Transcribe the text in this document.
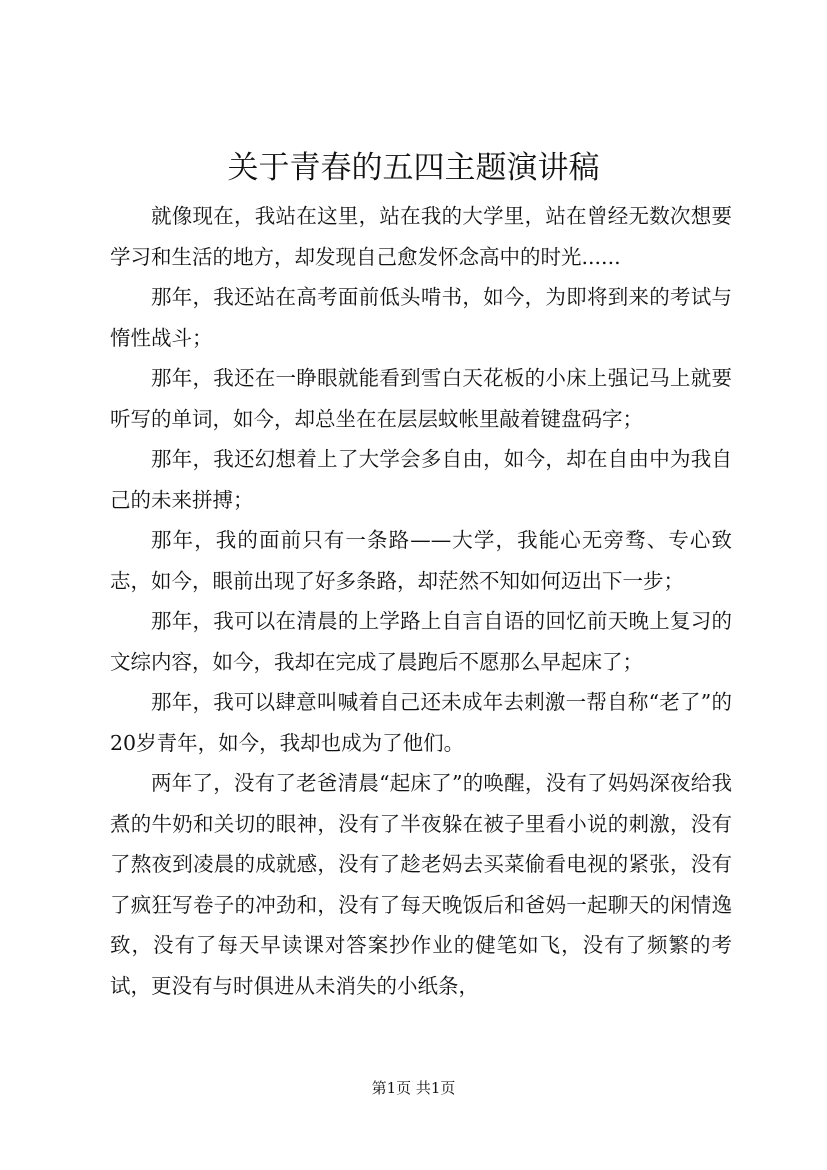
关于青春的五四主题演讲稿

就像现在，我站在这里，站在我的大学里，站在曾经无数次想要学习和生活的地方，却发现自己愈发怀念高中的时光......

那年，我还站在高考面前低头啃书，如今，为即将到来的考试与惰性战斗；

那年，我还在一睁眼就能看到雪白天花板的小床上强记马上就要听写的单词，如今，却总坐在在层层蚊帐里敲着键盘码字；

那年，我还幻想着上了大学会多自由，如今，却在自由中为我自己的未来拼搏；

那年，我的面前只有一条路——大学，我能心无旁骛、专心致志，如今，眼前出现了好多条路，却茫然不知如何迈出下一步；

那年，我可以在清晨的上学路上自言自语的回忆前天晚上复习的文综内容，如今，我却在完成了晨跑后不愿那么早起床了；

那年，我可以肆意叫喊着自己还未成年去刺激一帮自称“老了”的20岁青年，如今，我却也成为了他们。

两年了，没有了老爸清晨“起床了”的唤醒，没有了妈妈深夜给我煮的牛奶和关切的眼神，没有了半夜躲在被子里看小说的刺激，没有了熬夜到凌晨的成就感，没有了趁老妈去买菜偷看电视的紧张，没有了疯狂写卷子的冲劲和，没有了每天晚饭后和爸妈一起聊天的闲情逸致，没有了每天早读课对答案抄作业的健笔如飞，没有了频繁的考试，更没有与时俱进从未消失的小纸条，

第1页 共1页
